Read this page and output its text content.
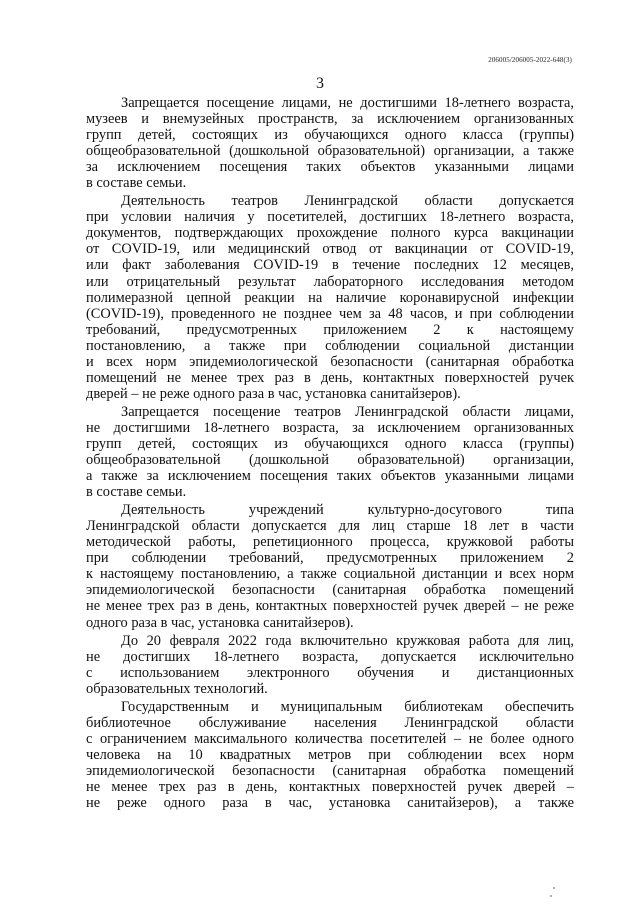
206005/206005-2022-648(3)
3
Запрещается посещение лицами, не достигшими 18-летнего возраста,
музеев и внемузейных пространств, за исключением организованных
групп детей, состоящих из обучающихся одного класса (группы)
общеобразовательной (дошкольной образовательной) организации, а также
за исключением посещения таких объектов указанными лицами
в составе семьи.
Деятельность театров Ленинградской области допускается
при условии наличия у посетителей, достигших 18-летнего возраста,
документов, подтверждающих прохождение полного курса вакцинации
от COVID-19, или медицинский отвод от вакцинации от COVID-19,
или факт заболевания COVID-19 в течение последних 12 месяцев,
или отрицательный результат лабораторного исследования методом
полимеразной цепной реакции на наличие коронавирусной инфекции
(COVID-19), проведенного не позднее чем за 48 часов, и при соблюдении
требований, предусмотренных приложением 2 к настоящему
постановлению, а также при соблюдении социальной дистанции
и всех норм эпидемиологической безопасности (санитарная обработка
помещений не менее трех раз в день, контактных поверхностей ручек
дверей – не реже одного раза в час, установка санитайзеров).
Запрещается посещение театров Ленинградской области лицами,
не достигшими 18-летнего возраста, за исключением организованных
групп детей, состоящих из обучающихся одного класса (группы)
общеобразовательной (дошкольной образовательной) организации,
а также за исключением посещения таких объектов указанными лицами
в составе семьи.
Деятельность учреждений культурно-досугового типа
Ленинградской области допускается для лиц старше 18 лет в части
методической работы, репетиционного процесса, кружковой работы
при соблюдении требований, предусмотренных приложением 2
к настоящему постановлению, а также социальной дистанции и всех норм
эпидемиологической безопасности (санитарная обработка помещений
не менее трех раз в день, контактных поверхностей ручек дверей – не реже
одного раза в час, установка санитайзеров).
До 20 февраля 2022 года включительно кружковая работа для лиц,
не достигших 18-летнего возраста, допускается исключительно
с использованием электронного обучения и дистанционных
образовательных технологий.
Государственным и муниципальным библиотекам обеспечить
библиотечное обслуживание населения Ленинградской области
с ограничением максимального количества посетителей – не более одного
человека на 10 квадратных метров при соблюдении всех норм
эпидемиологической безопасности (санитарная обработка помещений
не менее трех раз в день, контактных поверхностей ручек дверей –
не реже одного раза в час, установка санитайзеров), а также
